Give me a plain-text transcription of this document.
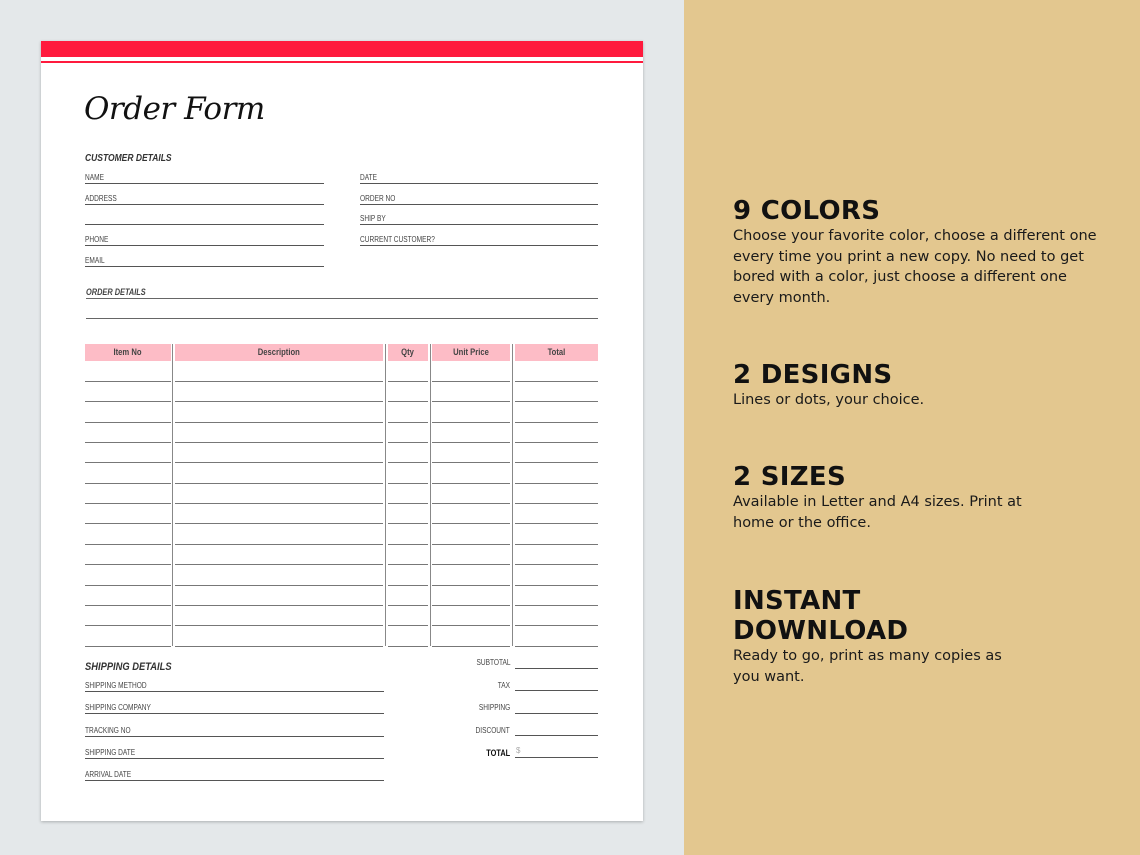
Order Form
CUSTOMER DETAILS
NAME
ADDRESS
PHONE
EMAIL
DATE
ORDER NO
SHIP BY
CURRENT CUSTOMER?
ORDER DETAILS
Item No	Description	Qty	Unit Price	Total
SHIPPING DETAILS
SHIPPING METHOD
SHIPPING COMPANY
TRACKING NO
SHIPPING DATE
ARRIVAL DATE
SUBTOTAL
TAX
SHIPPING
DISCOUNT
TOTAL $
9 COLORS

Choose your favorite color, choose a different one every time you print a new copy. No need to get bored with a color, just choose a different one every month.

2 DESIGNS

Lines or dots, your choice.

2 SIZES

Available in Letter and A4 sizes. Print at home or the office.

INSTANT DOWNLOAD

Ready to go, print as many copies as you want.
